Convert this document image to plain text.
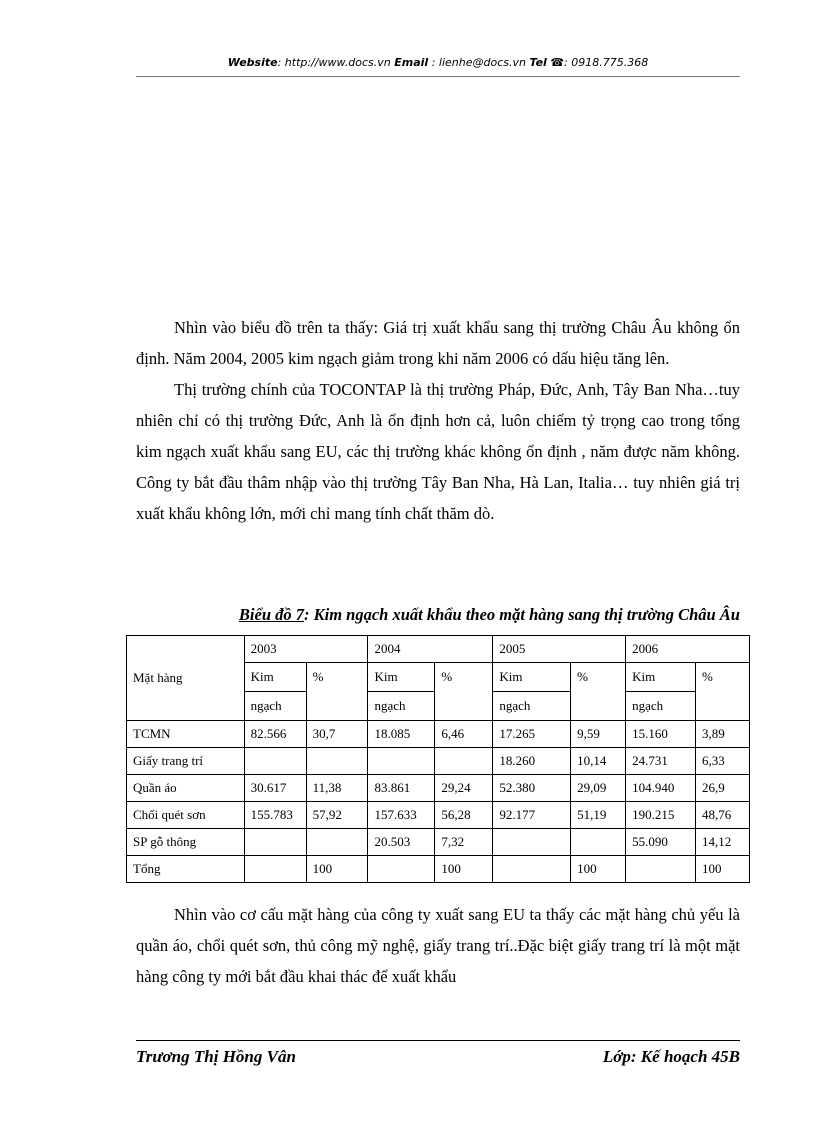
Website: http://www.docs.vn Email : lienhe@docs.vn Tel ☎: 0918.775.368

Nhìn vào biểu đồ trên ta thấy: Giá trị xuất khẩu sang thị trường Châu Âu không ổn định. Năm 2004, 2005 kim ngạch giảm trong khi năm 2006 có dấu hiệu tăng lên.

Thị trường chính của TOCONTAP là thị trường Pháp, Đức, Anh, Tây Ban Nha…tuy nhiên chỉ có thị trường Đức, Anh là ổn định hơn cả, luôn chiếm tỷ trọng cao trong tổng kim ngạch xuất khẩu sang EU, các thị trường khác không ổn định , năm được năm không. Công ty bắt đầu thâm nhập vào thị trường Tây Ban Nha, Hà Lan, Italia… tuy nhiên giá trị xuất khẩu không lớn, mới chỉ mang tính chất thăm dò.

Biểu đồ 7: Kim ngạch xuất khẩu theo mặt hàng sang thị trường Châu Âu
Mặt hàng	2003		2004		2005		2006	
	Kim	%	Kim	%	Kim	%	Kim	%
	ngạch		ngạch		ngạch		ngạch	
TCMN	82.566	30,7	18.085	6,46	17.265	9,59	15.160	3,89
Giấy trang trí					18.260	10,14	24.731	6,33
Quần áo	30.617	11,38	83.861	29,24	52.380	29,09	104.940	26,9
Chổi quét sơn	155.783	57,92	157.633	56,28	92.177	51,19	190.215	48,76
SP gỗ thông			20.503	7,32			55.090	14,12
Tổng		100		100		100		100

Nhìn vào cơ cấu mặt hàng của công ty xuất sang EU ta thấy các mặt hàng chủ yếu là quần áo, chổi quét sơn, thủ công mỹ nghệ, giấy trang trí..Đặc biệt giấy trang trí là một mặt hàng công ty mới bắt đầu khai thác để xuất khẩu

Trương Thị Hồng Vân	Lớp: Kế hoạch 45B
